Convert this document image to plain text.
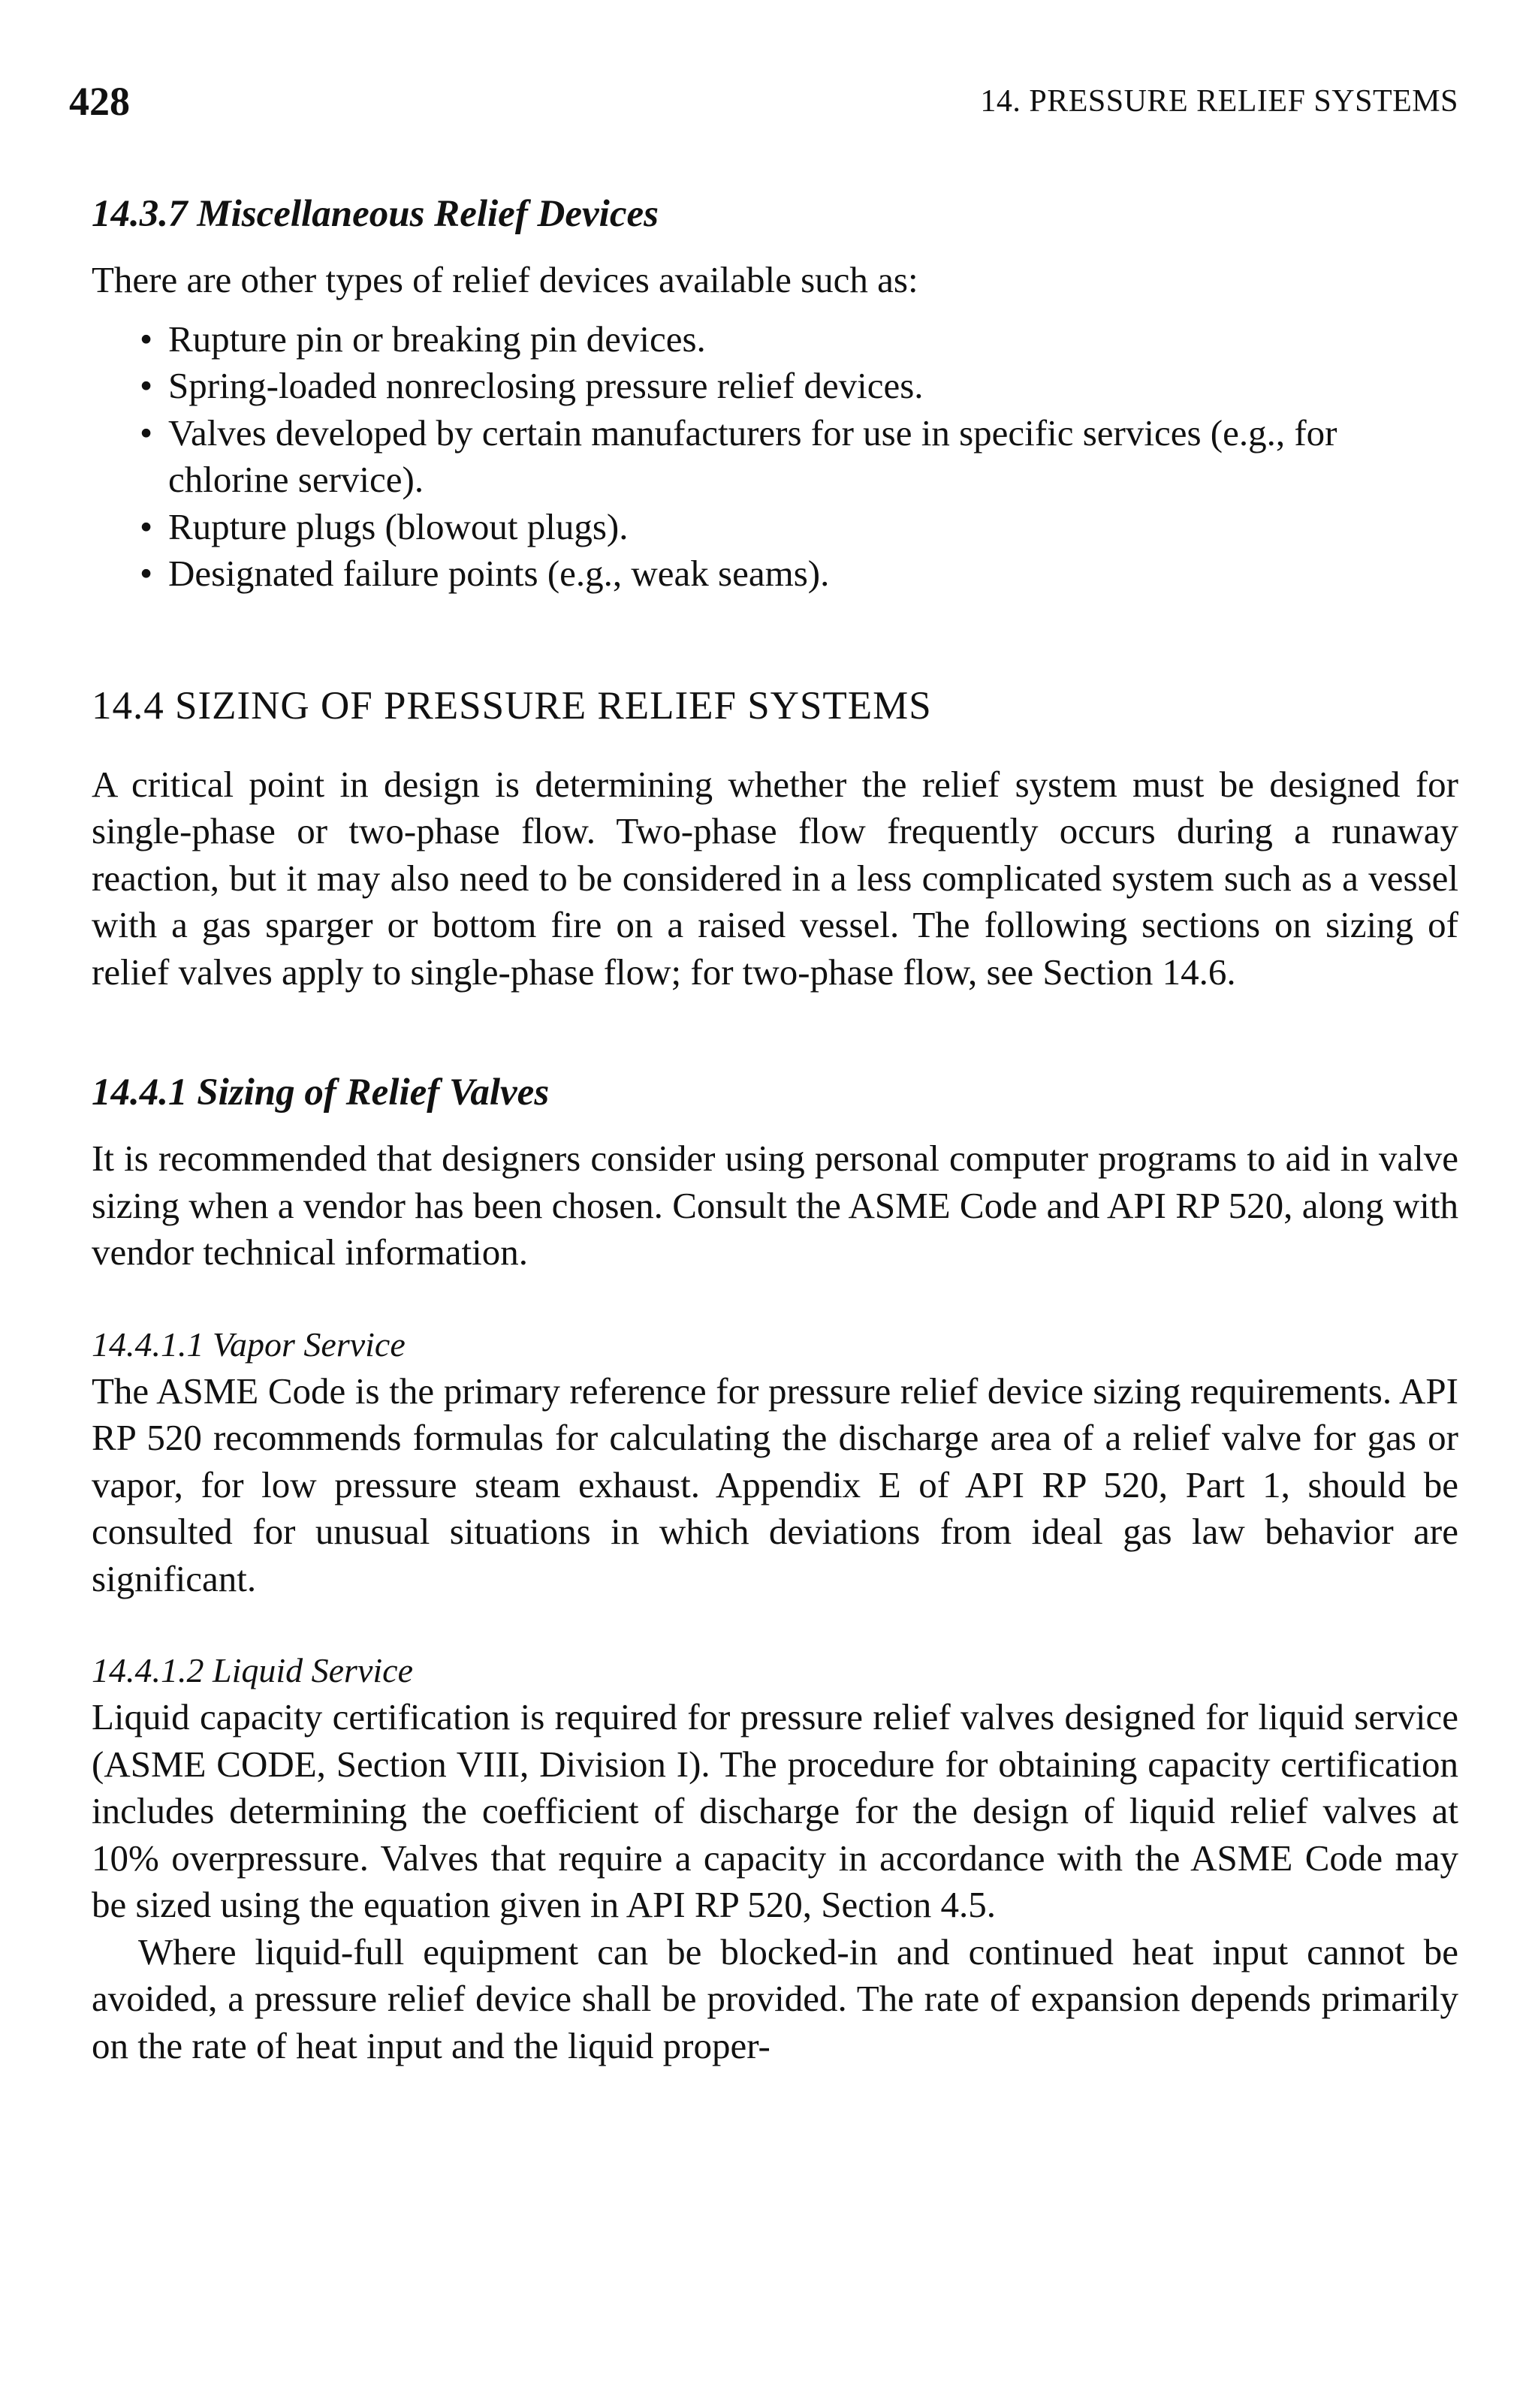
428	14. PRESSURE RELIEF SYSTEMS
14.3.7 Miscellaneous Relief Devices

There are other types of relief devices available such as:

• Rupture pin or breaking pin devices.
• Spring-loaded nonreclosing pressure relief devices.
• Valves developed by certain manufacturers for use in specific services (e.g., for chlorine service).
• Rupture plugs (blowout plugs).
• Designated failure points (e.g., weak seams).
14.4 SIZING OF PRESSURE RELIEF SYSTEMS

A critical point in design is determining whether the relief system must be designed for single-phase or two-phase flow. Two-phase flow frequently occurs during a runaway reaction, but it may also need to be considered in a less complicated system such as a vessel with a gas sparger or bottom fire on a raised vessel. The following sections on sizing of relief valves apply to single-phase flow; for two-phase flow, see Section 14.6.

14.4.1 Sizing of Relief Valves

It is recommended that designers consider using personal computer programs to aid in valve sizing when a vendor has been chosen. Consult the ASME Code and API RP 520, along with vendor technical information.

14.4.1.1 Vapor Service

The ASME Code is the primary reference for pressure relief device sizing requirements. API RP 520 recommends formulas for calculating the discharge area of a relief valve for gas or vapor, for low pressure steam exhaust. Appendix E of API RP 520, Part 1, should be consulted for unusual situations in which deviations from ideal gas law behavior are significant.

14.4.1.2 Liquid Service

Liquid capacity certification is required for pressure relief valves designed for liquid service (ASME CODE, Section VIII, Division I). The procedure for obtaining capacity certification includes determining the coefficient of discharge for the design of liquid relief valves at 10% overpressure. Valves that require a capacity in accordance with the ASME Code may be sized using the equation given in API RP 520, Section 4.5.

Where liquid-full equipment can be blocked-in and continued heat input cannot be avoided, a pressure relief device shall be provided. The rate of expansion depends primarily on the rate of heat input and the liquid proper-
